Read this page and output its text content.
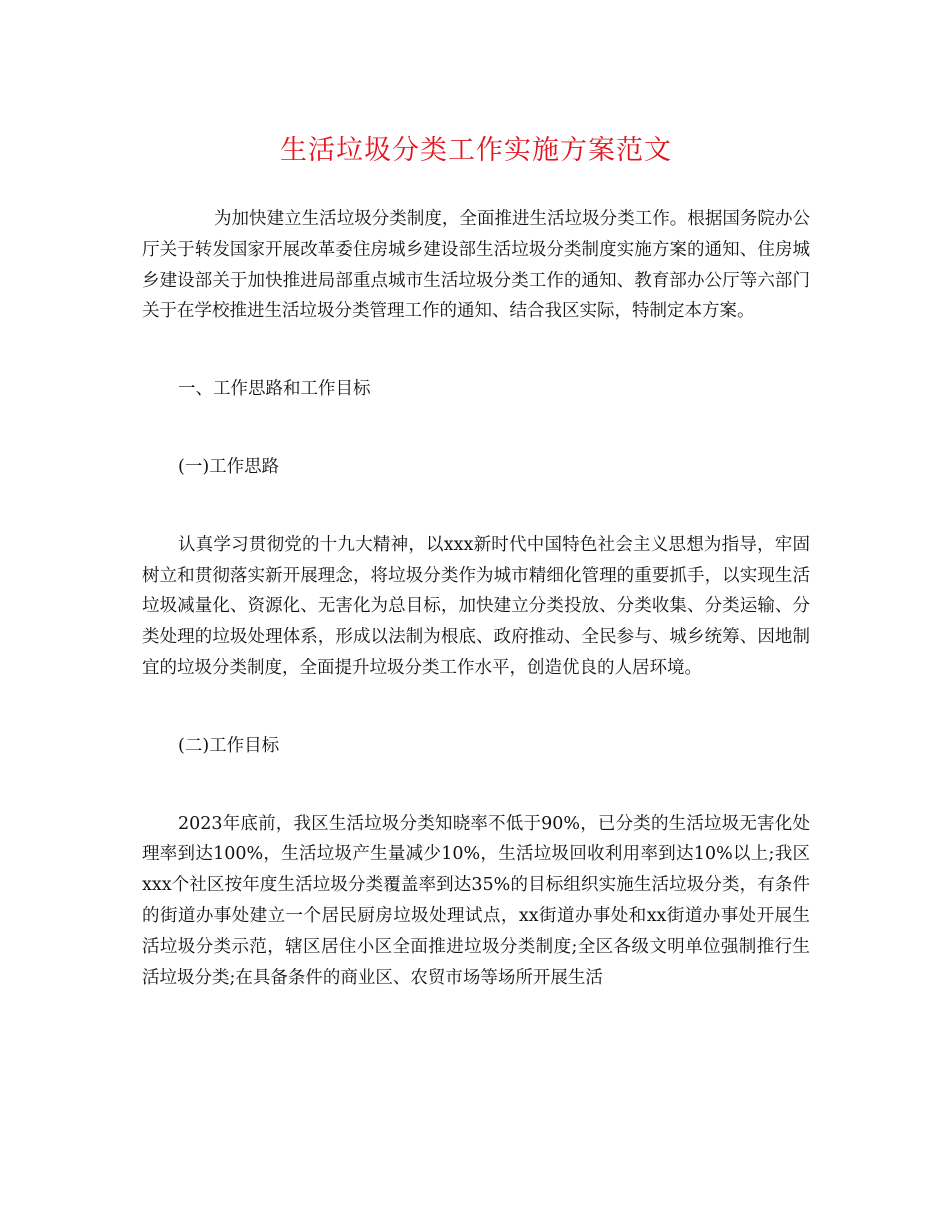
生活垃圾分类工作实施方案范文

为加快建立生活垃圾分类制度，全面推进生活垃圾分类工作。根据国务院办公厅关于转发国家开展改革委住房城乡建设部生活垃圾分类制度实施方案的通知、住房城乡建设部关于加快推进局部重点城市生活垃圾分类工作的通知、教育部办公厅等六部门关于在学校推进生活垃圾分类管理工作的通知、结合我区实际，特制定本方案。

一、工作思路和工作目标

(一)工作思路

认真学习贯彻党的十九大精神，以xxx新时代中国特色社会主义思想为指导，牢固树立和贯彻落实新开展理念，将垃圾分类作为城市精细化管理的重要抓手，以实现生活垃圾减量化、资源化、无害化为总目标，加快建立分类投放、分类收集、分类运输、分类处理的垃圾处理体系，形成以法制为根底、政府推动、全民参与、城乡统筹、因地制宜的垃圾分类制度，全面提升垃圾分类工作水平，创造优良的人居环境。

(二)工作目标

2023年底前，我区生活垃圾分类知晓率不低于90%，已分类的生活垃圾无害化处理率到达100%，生活垃圾产生量减少10%，生活垃圾回收利用率到达10%以上;我区xxx个社区按年度生活垃圾分类覆盖率到达35%的目标组织实施生活垃圾分类，有条件的街道办事处建立一个居民厨房垃圾处理试点，xx街道办事处和xx街道办事处开展生活垃圾分类示范，辖区居住小区全面推进垃圾分类制度;全区各级文明单位强制推行生活垃圾分类;在具备条件的商业区、农贸市场等场所开展生活
